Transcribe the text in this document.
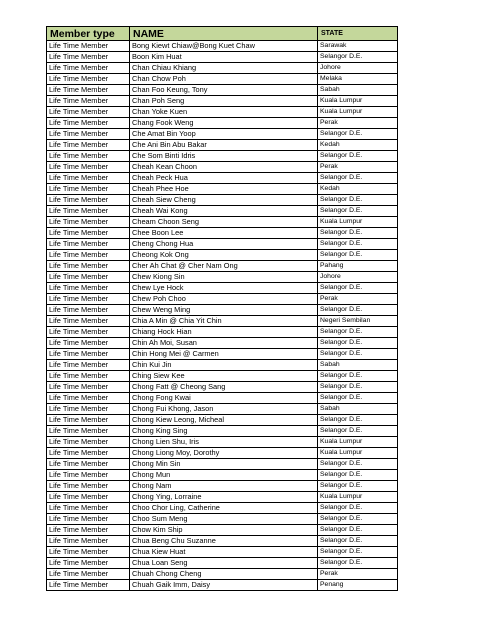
Member type	NAME	STATE
Life Time Member	Bong Kiewt Chiaw@Bong Kuet Chaw	Sarawak
Life Time Member	Boon Kim Huat	Selangor D.E.
Life Time Member	Chan Chiau Khiang	Johore
Life Time Member	Chan Chow Poh	Melaka
Life Time Member	Chan Foo Keung, Tony	Sabah
Life Time Member	Chan Poh Seng	Kuala Lumpur
Life Time Member	Chan Yoke Kuen	Kuala Lumpur
Life Time Member	Chang Fook Weng	Perak
Life Time Member	Che Amat Bin Yoop	Selangor D.E.
Life Time Member	Che Ani Bin Abu Bakar	Kedah
Life Time Member	Che Som Binti Idris	Selangor D.E.
Life Time Member	Cheah Kean Choon	Perak
Life Time Member	Cheah Peck Hua	Selangor D.E.
Life Time Member	Cheah Phee Hoe	Kedah
Life Time Member	Cheah Siew Cheng	Selangor D.E.
Life Time Member	Cheah Wai Kong	Selangor D.E.
Life Time Member	Cheam Choon Seng	Kuala Lumpur
Life Time Member	Chee Boon Lee	Selangor D.E.
Life Time Member	Cheng Chong Hua	Selangor D.E.
Life Time Member	Cheong Kok Ong	Selangor D.E.
Life Time Member	Cher Ah Chat @ Cher Nam Ong	Pahang
Life Time Member	Chew Kiong Sin	Johore
Life Time Member	Chew Lye Hock	Selangor D.E.
Life Time Member	Chew Poh Choo	Perak
Life Time Member	Chew Weng Ming	Selangor D.E.
Life Time Member	Chia A Min @ Chia Yit Chin	Negeri Sembilan
Life Time Member	Chiang Hock Hian	Selangor D.E.
Life Time Member	Chin Ah Moi, Susan	Selangor D.E.
Life Time Member	Chin Hong Mei @ Carmen	Selangor D.E.
Life Time Member	Chin Kui Jin	Sabah
Life Time Member	Ching Siew Kee	Selangor D.E.
Life Time Member	Chong Fatt @ Cheong Sang	Selangor D.E.
Life Time Member	Chong Fong Kwai	Selangor D.E.
Life Time Member	Chong Fui Khong, Jason	Sabah
Life Time Member	Chong Kiew Leong, Micheal	Selangor D.E.
Life Time Member	Chong King Sing	Selangor D.E.
Life Time Member	Chong Lien Shu, Iris	Kuala Lumpur
Life Time Member	Chong Liong Moy, Dorothy	Kuala Lumpur
Life Time Member	Chong Min Sin	Selangor D.E.
Life Time Member	Chong Mun	Selangor D.E.
Life Time Member	Chong Nam	Selangor D.E.
Life Time Member	Chong Ying, Lorraine	Kuala Lumpur
Life Time Member	Choo Chor Ling, Catherine	Selangor D.E.
Life Time Member	Choo Sum Meng	Selangor D.E.
Life Time Member	Chow Kim Ship	Selangor D.E.
Life Time Member	Chua Beng Chu Suzanne	Selangor D.E.
Life Time Member	Chua Kiew Huat	Selangor D.E.
Life Time Member	Chua Loan Seng	Selangor D.E.
Life Time Member	Chuah Chong Cheng	Perak
Life Time Member	Chuah Gaik Imm, Daisy	Penang
